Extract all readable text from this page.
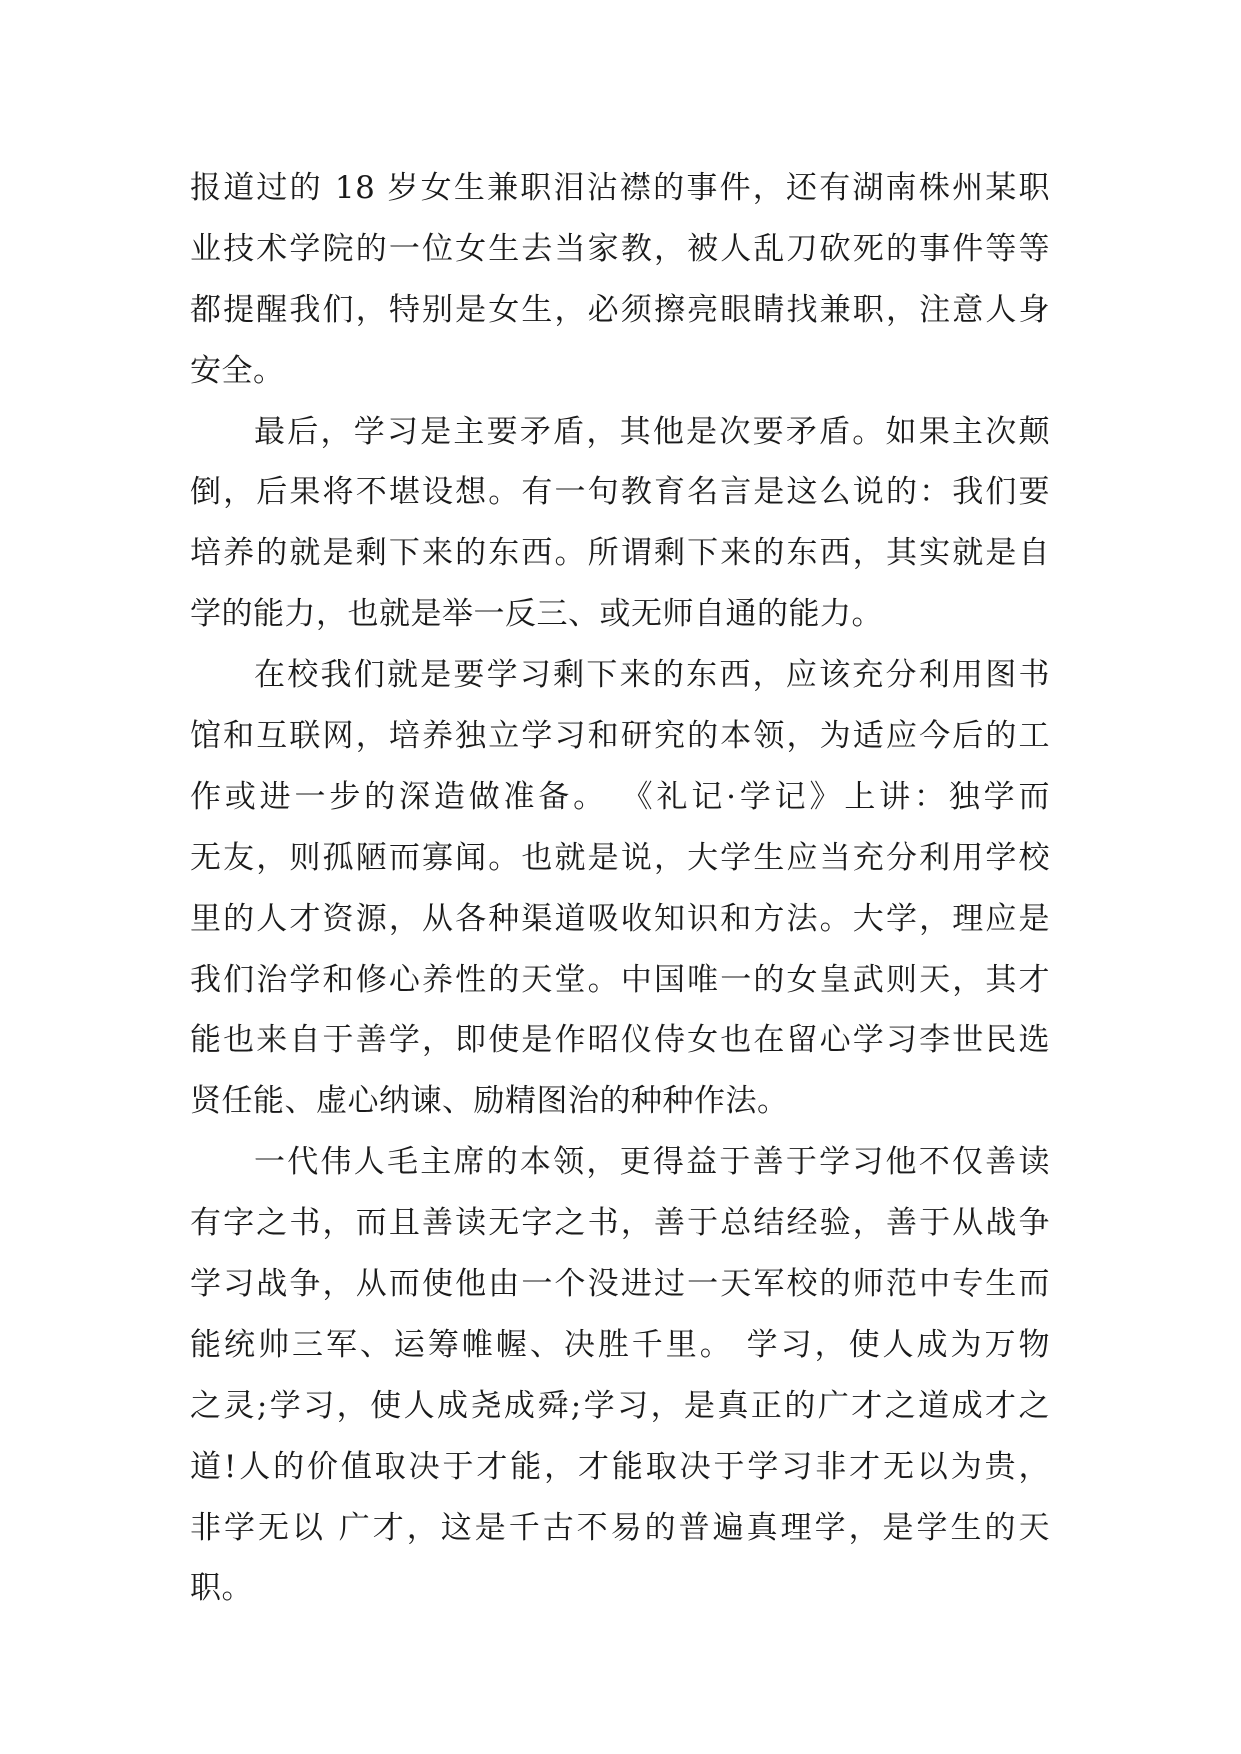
报道过的 18 岁女生兼职泪沾襟的事件，还有湖南株州某职
业技术学院的一位女生去当家教，被人乱刀砍死的事件等等
都提醒我们，特别是女生，必须擦亮眼睛找兼职，注意人身
安全。
最后，学习是主要矛盾，其他是次要矛盾。如果主次颠
倒，后果将不堪设想。有一句教育名言是这么说的：我们要
培养的就是剩下来的东西。所谓剩下来的东西，其实就是自
学的能力，也就是举一反三、或无师自通的能力。
在校我们就是要学习剩下来的东西，应该充分利用图书
馆和互联网，培养独立学习和研究的本领，为适应今后的工
作或进一步的深造做准备。 《礼记·学记》上讲：独学而
无友，则孤陋而寡闻。也就是说，大学生应当充分利用学校
里的人才资源，从各种渠道吸收知识和方法。大学，理应是
我们治学和修心养性的天堂。中国唯一的女皇武则天，其才
能也来自于善学，即使是作昭仪侍女也在留心学习李世民选
贤任能、虚心纳谏、励精图治的种种作法。
一代伟人毛主席的本领，更得益于善于学习他不仅善读
有字之书，而且善读无字之书，善于总结经验，善于从战争
学习战争，从而使他由一个没进过一天军校的师范中专生而
能统帅三军、运筹帷幄、决胜千里。 学习，使人成为万物
之灵;学习，使人成尧成舜;学习，是真正的广才之道成才之
道!人的价值取决于才能，才能取决于学习非才无以为贵，
非学无以 广才，这是千古不易的普遍真理学，是学生的天
职。
